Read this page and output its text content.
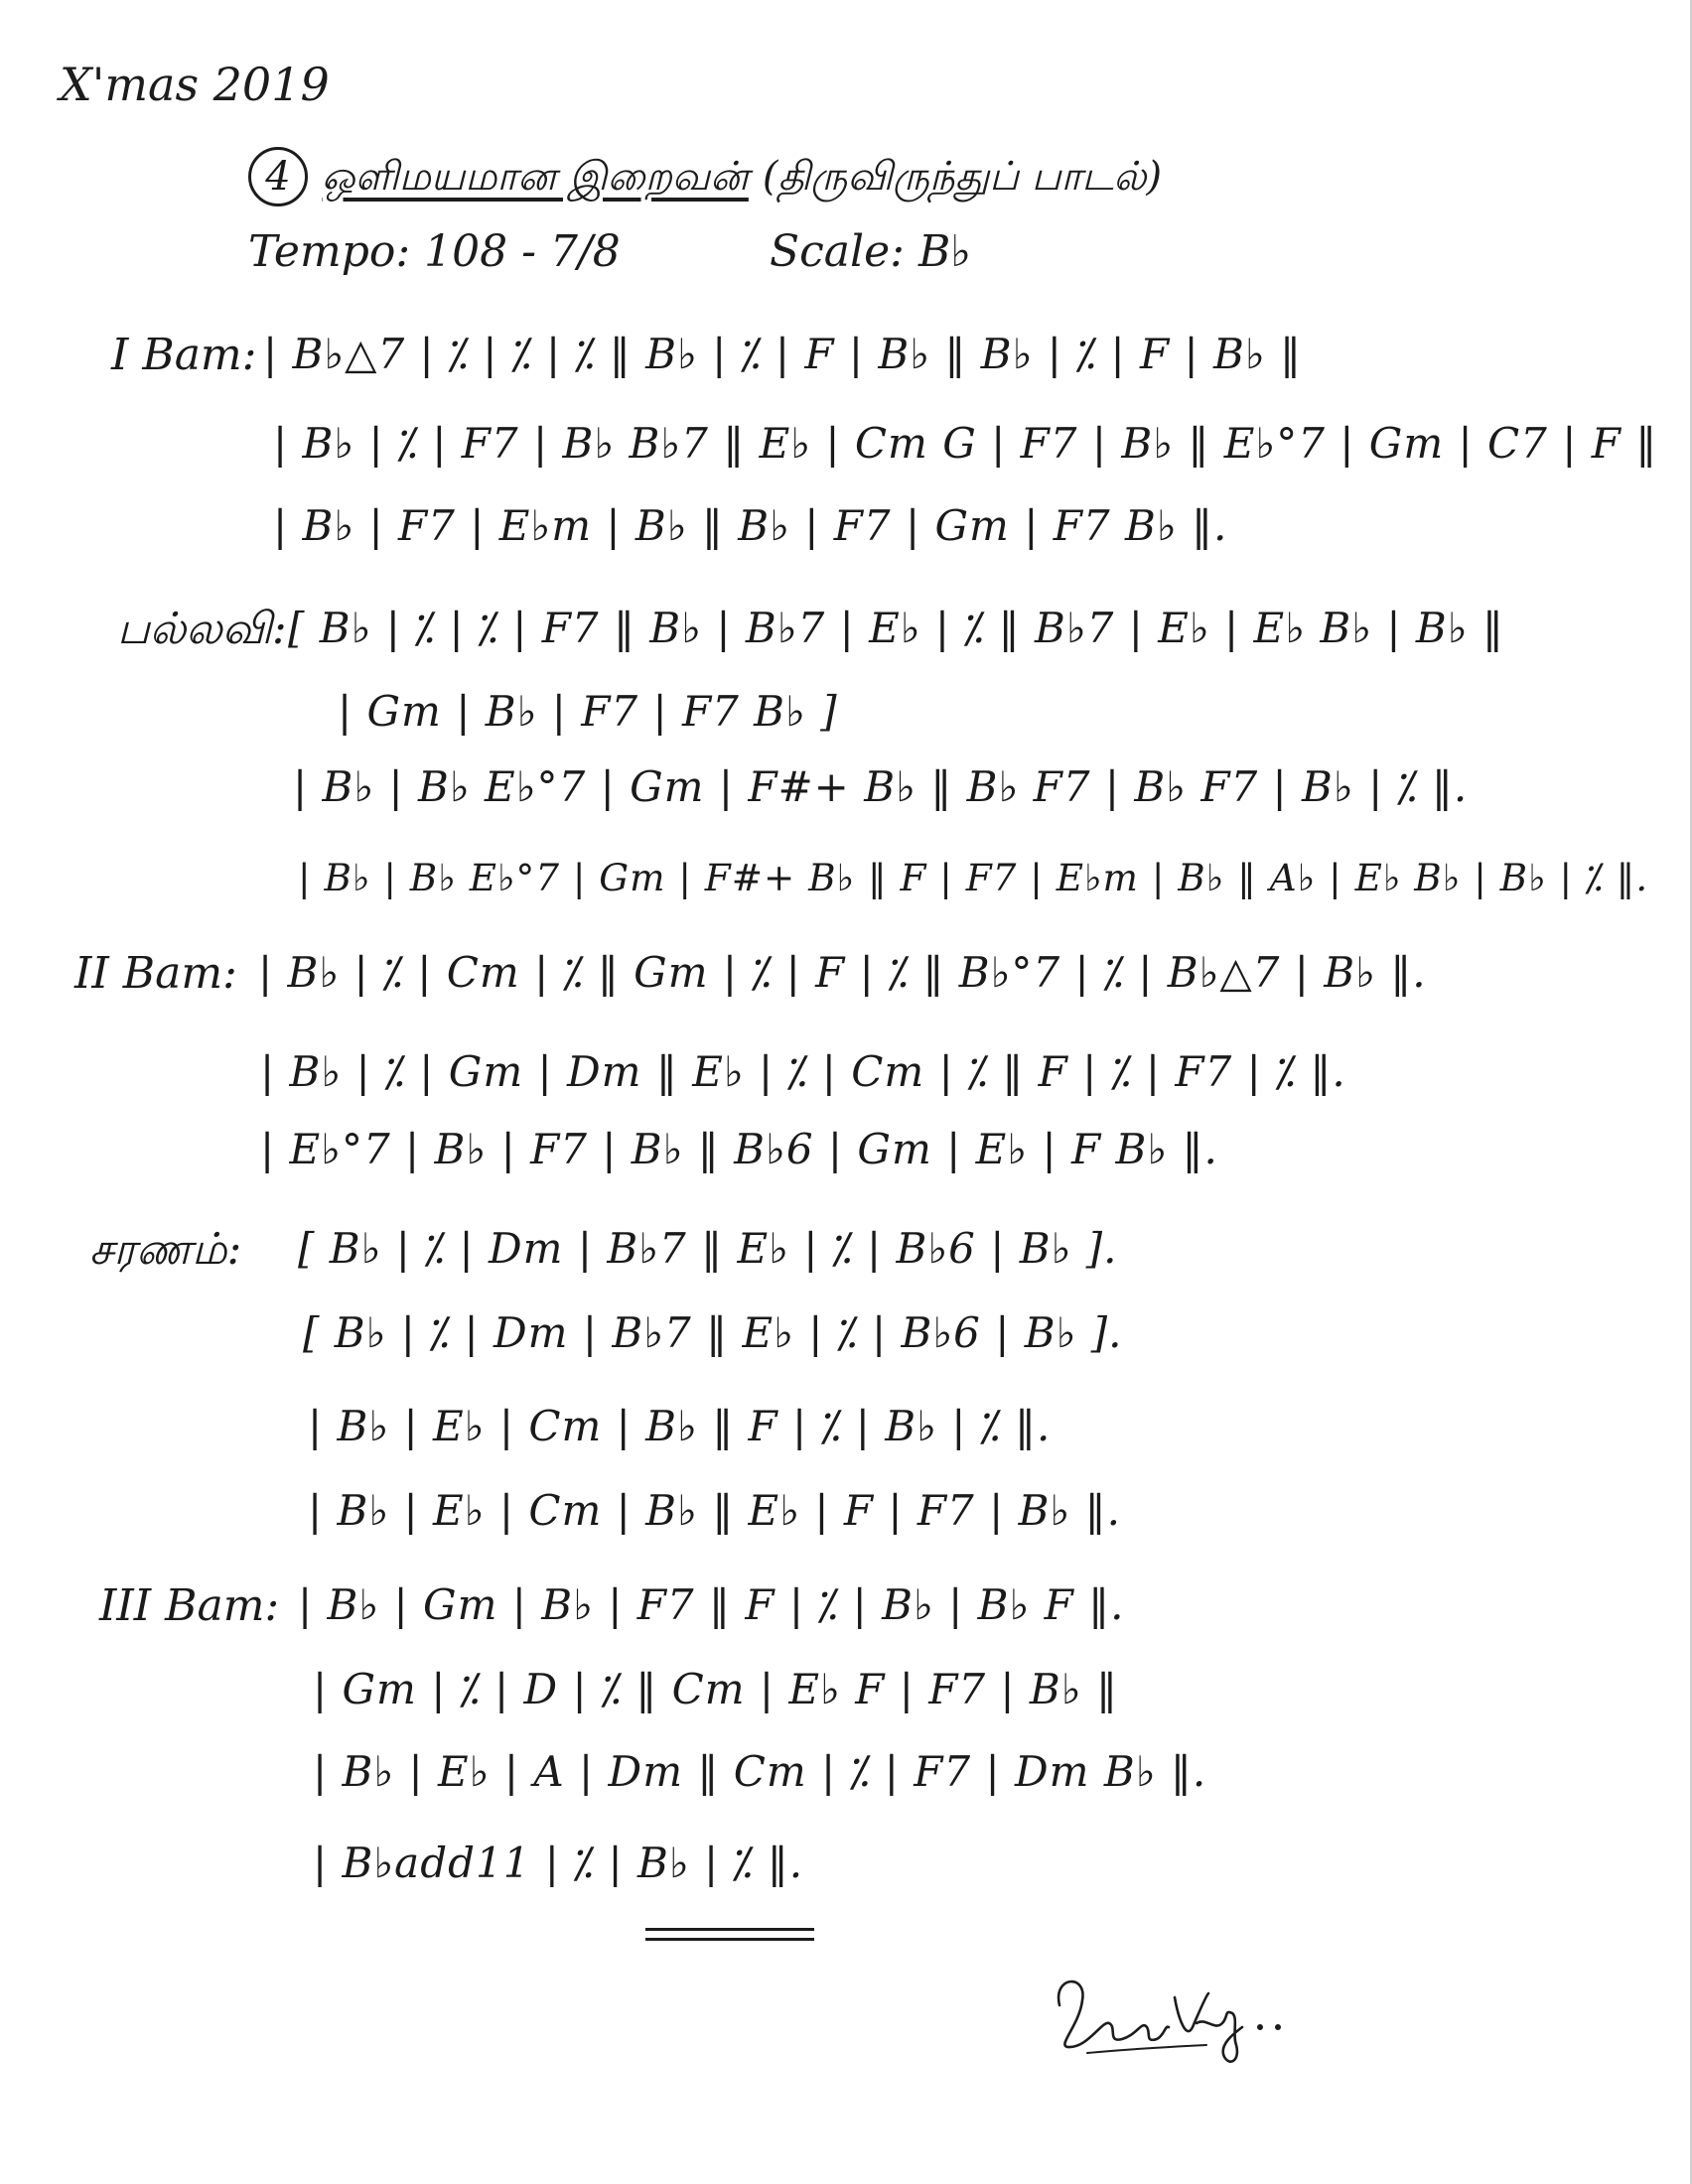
X'mas 2019
4 ஒளிமயமான இறைவன் (திருவிருந்துப் பாடல்)
Tempo: 108 - 7/8	Scale: B♭
I Bam: | B♭△7 | ⁒ | ⁒ | ⁒ ‖ B♭ | ⁒ | F | B♭ ‖ B♭ | ⁒ | F | B♭ ‖
| B♭ | ⁒ | F7 | B♭ B♭7 ‖ E♭ | Cm G | F7 | B♭ ‖ E♭°7 | Gm | C7 | F ‖
| B♭ | F7 | E♭m | B♭ ‖ B♭ | F7 | Gm | F7 B♭ ‖.
பல்லவி: [ B♭ | ⁒ | ⁒ | F7 ‖ B♭ | B♭7 | E♭ | ⁒ ‖ B♭7 | E♭ | E♭ B♭ | B♭ ‖
| Gm | B♭ | F7 | F7 B♭ ]
| B♭ | B♭ E♭°7 | Gm | F#+ B♭ ‖ B♭ F7 | B♭ F7 | B♭ | ⁒ ‖.
| B♭ | B♭ E♭°7 | Gm | F#+ B♭ ‖ F | F7 | E♭m | B♭ ‖ A♭ | E♭ B♭ | B♭ | ⁒ ‖.
II Bam: | B♭ | ⁒ | Cm | ⁒ ‖ Gm | ⁒ | F | ⁒ ‖ B♭°7 | ⁒ | B♭△7 | B♭ ‖.
| B♭ | ⁒ | Gm | Dm ‖ E♭ | ⁒ | Cm | ⁒ ‖ F | ⁒ | F7 | ⁒ ‖.
| E♭°7 | B♭ | F7 | B♭ ‖ B♭6 | Gm | E♭ | F B♭ ‖.
சரணம்: [ B♭ | ⁒ | Dm | B♭7 ‖ E♭ | ⁒ | B♭6 | B♭ ].
[ B♭ | ⁒ | Dm | B♭7 ‖ E♭ | ⁒ | B♭6 | B♭ ].
| B♭ | E♭ | Cm | B♭ ‖ F | ⁒ | B♭ | ⁒ ‖.
| B♭ | E♭ | Cm | B♭ ‖ E♭ | F | F7 | B♭ ‖.
III Bam: | B♭ | Gm | B♭ | F7 ‖ F | ⁒ | B♭ | B♭ F ‖.
| Gm | ⁒ | D | ⁒ ‖ Cm | E♭ F | F7 | B♭ ‖
| B♭ | E♭ | A | Dm ‖ Cm | ⁒ | F7 | Dm B♭ ‖.
| B♭add11 | ⁒ | B♭ | ⁒ ‖.
